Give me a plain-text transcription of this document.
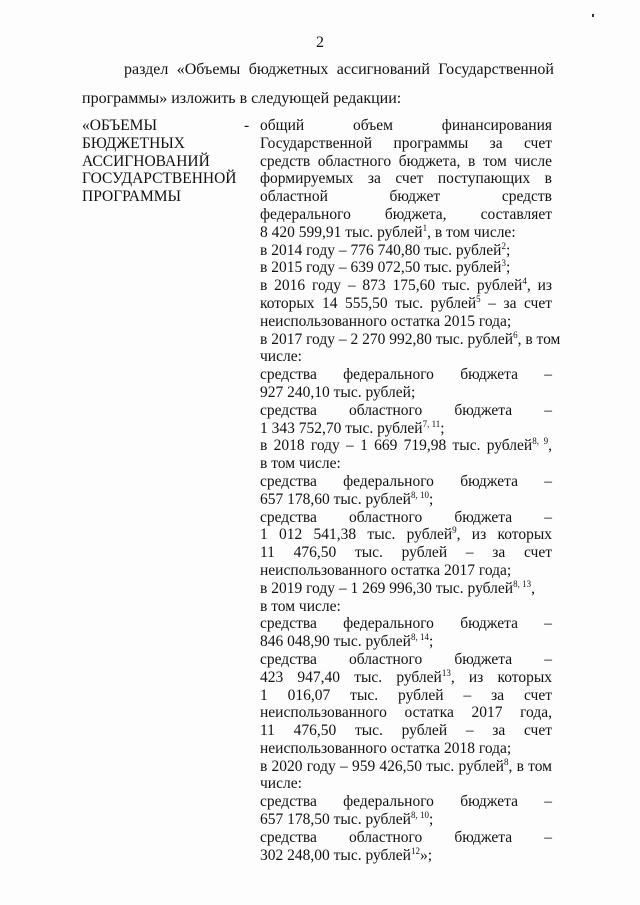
2
раздел «Объемы бюджетных ассигнований Государственной
программы» изложить в следующей редакции:
«ОБЪЕМЫ
БЮДЖЕТНЫХ
АССИГНОВАНИЙ
ГОСУДАРСТВЕННОЙ
ПРОГРАММЫ
- общий объем финансирования
Государственной программы за счет
средств областного бюджета, в том числе
формируемых за счет поступающих в
областной бюджет средств
федерального бюджета, составляет
8 420 599,91 тыс. рублей$^1$, в том числе:
в 2014 году – 776 740,80 тыс. рублей$^2$;
в 2015 году – 639 072,50 тыс. рублей$^3$;
в 2016 году – 873 175,60 тыс. рублей$^4$, из
которых 14 555,50 тыс. рублей$^5$ – за счет
неиспользованного остатка 2015 года;
в 2017 году – 2 270 992,80 тыс. рублей$^6$, в том
числе:
средства федерального бюджета –
927 240,10 тыс. рублей;
средства областного бюджета –
1 343 752,70 тыс. рублей$^{7, 11}$;
в 2018 году – 1 669 719,98 тыс. рублей$^{8, 9}$,
в том числе:
средства федерального бюджета –
657 178,60 тыс. рублей$^{8, 10}$;
средства областного бюджета –
1 012 541,38 тыс. рублей$^9$, из которых
11 476,50 тыс. рублей – за счет
неиспользованного остатка 2017 года;
в 2019 году – 1 269 996,30 тыс. рублей$^{8, 13}$,
в том числе:
средства федерального бюджета –
846 048,90 тыс. рублей$^{8, 14}$;
средства областного бюджета –
423 947,40 тыс. рублей$^{13}$, из которых
1 016,07 тыс. рублей – за счет
неиспользованного остатка 2017 года,
11 476,50 тыс. рублей – за счет
неиспользованного остатка 2018 года;
в 2020 году – 959 426,50 тыс. рублей$^8$, в том
числе:
средства федерального бюджета –
657 178,50 тыс. рублей$^{8, 10}$;
средства областного бюджета –
302 248,00 тыс. рублей$^{12}$»;
